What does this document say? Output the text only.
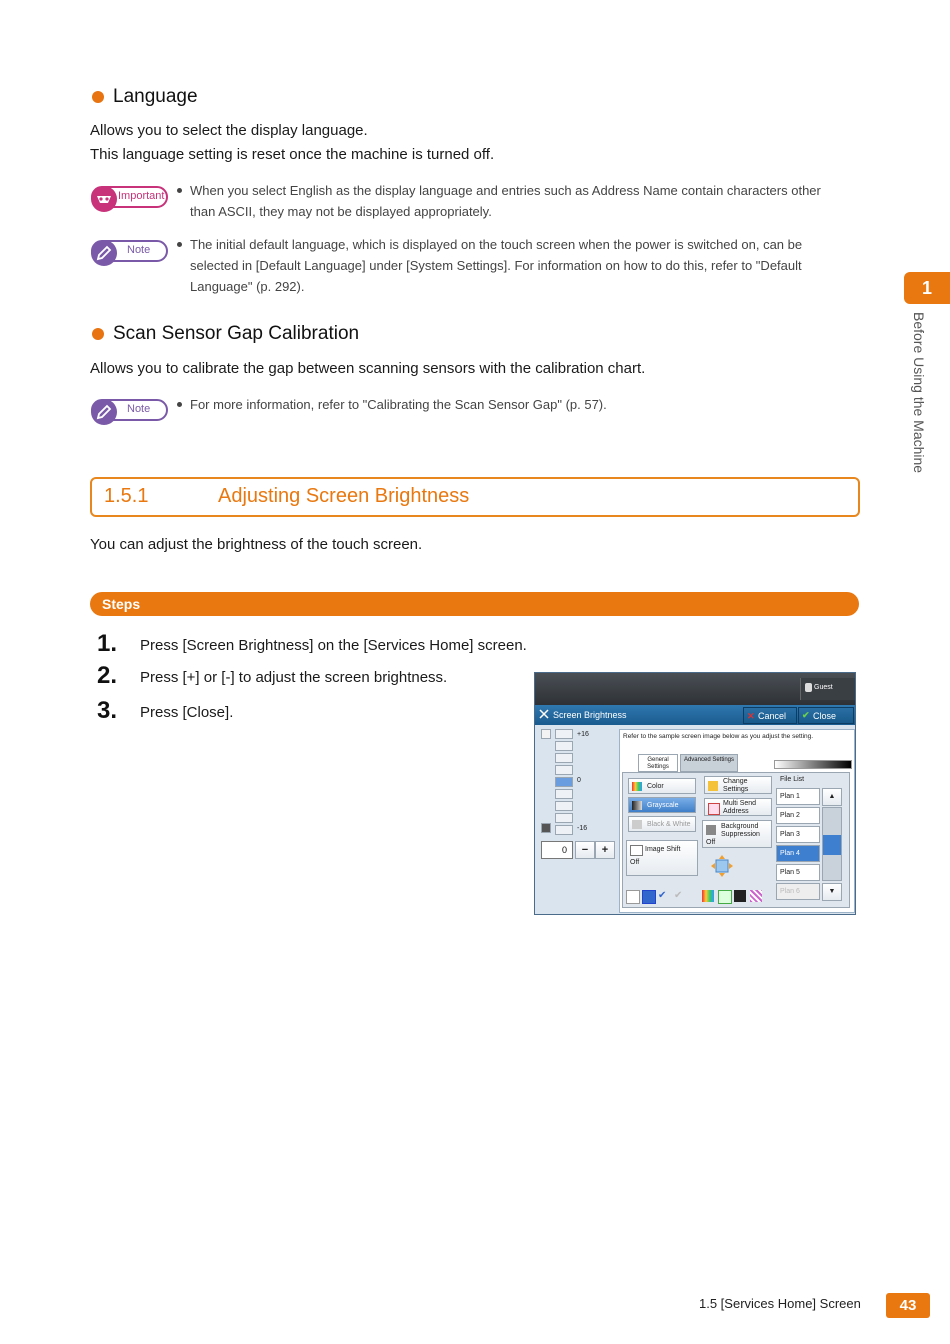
Language
Allows you to select the display language.
This language setting is reset once the machine is turned off.
Important When you select English as the display language and entries such as Address Name contain characters other
than ASCII, they may not be displayed appropriately.
Note	The initial default language, which is displayed on the touch screen when the power is switched on, can be
selected in [Default Language] under [System Settings]. For information on how to do this, refer to "Default
Language" (p. 292).
Scan Sensor Gap Calibration
Allows you to calibrate the gap between scanning sensors with the calibration chart.
Note	For more information, refer to "Calibrating the Scan Sensor Gap" (p. 57).
1.5.1	Adjusting Screen Brightness
You can adjust the brightness of the touch screen.
Steps
1. Press [Screen Brightness] on the [Services Home] screen.
2. Press [+] or [-] to adjust the screen brightness.
3. Press [Close].
Guest
Screen Brightness	✕ Cancel ✔ Close
+16
0
-16
0	−	+
Refer to the sample screen image below as you adjust the setting.
General Settings
Advanced Settings
Color
Grayscale
Black & White
Image Shift
Off
Change Settings
Multi Send Address
Background Suppression
Off
File List
Plan 1
Plan 2
Plan 3
Plan 4
Plan 5
Plan 6
▲
▼
✔ ✔
1
Before Using the Machine
1.5 [Services Home] Screen	43
